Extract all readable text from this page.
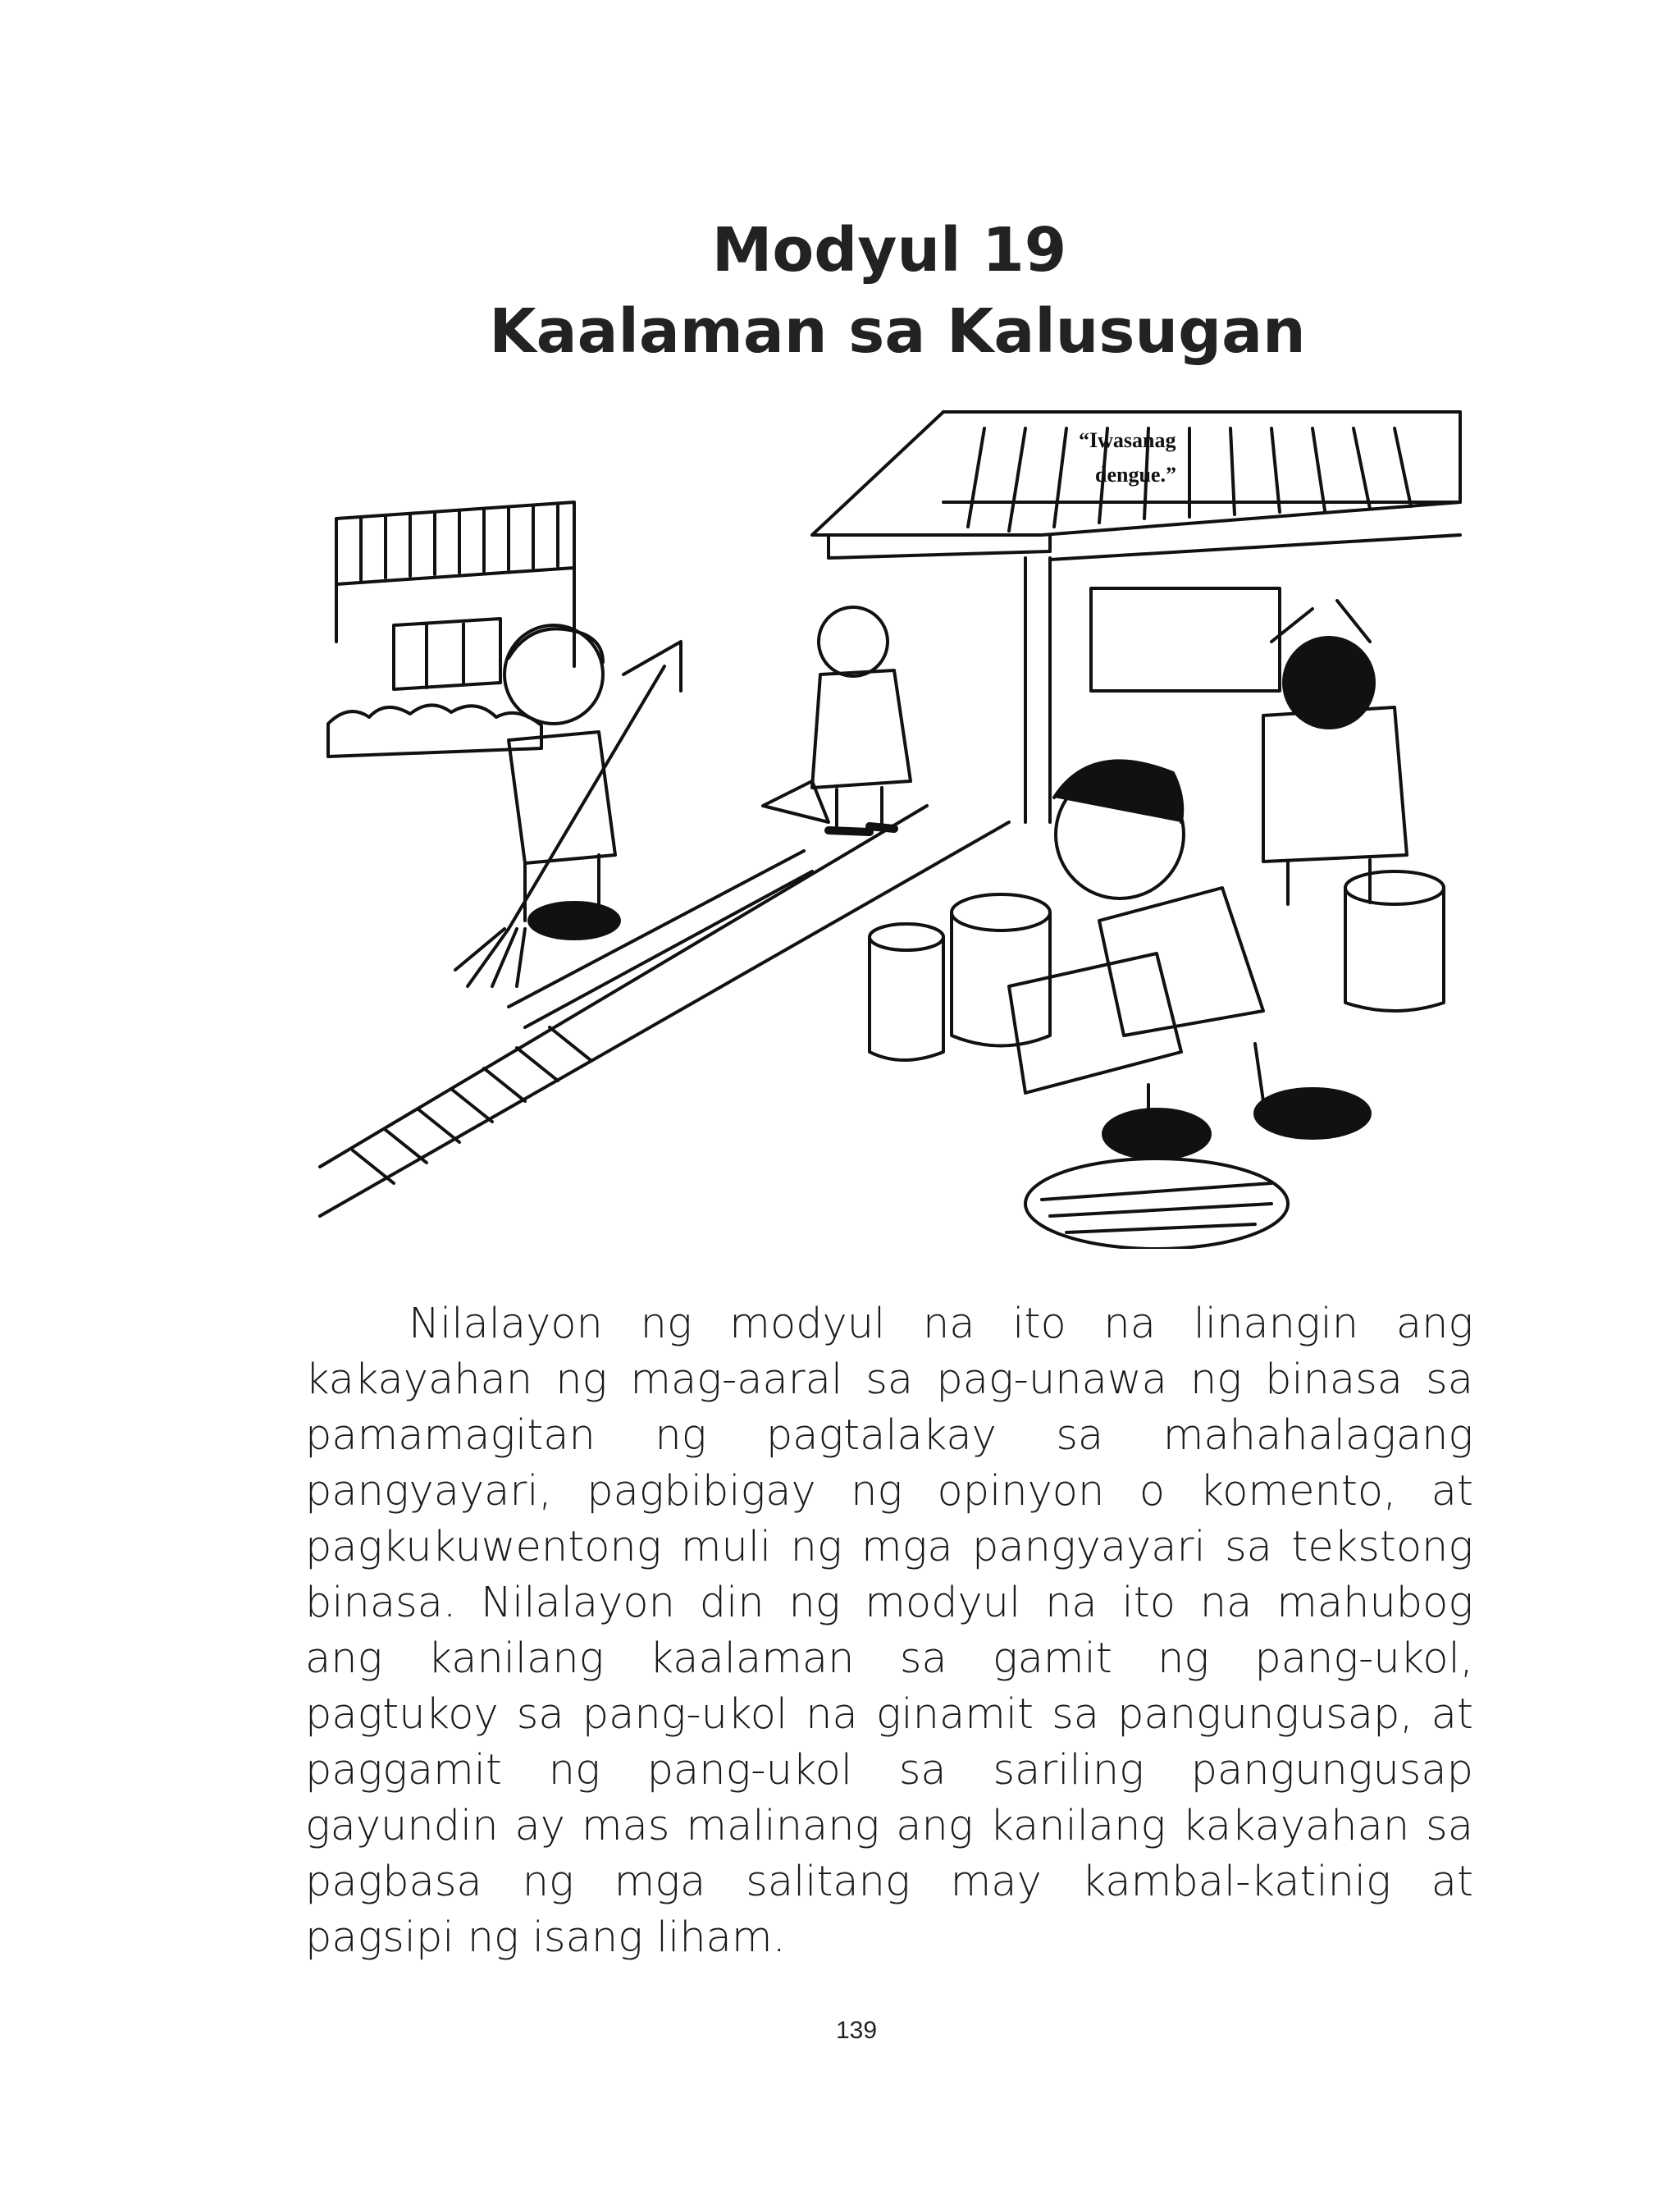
Modyul 19
Kaalaman sa Kalusugan
“Iwasanag
dengue.”

Nilalayon ng modyul na ito na linangin ang kakayahan ng mag-aaral sa pag-unawa ng binasa sa pamamagitan ng pagtalakay sa mahahalagang pangyayari, pagbibigay ng opinyon o komento, at pagkukuwentong muli ng mga pangyayari sa tekstong binasa. Nilalayon din ng modyul na ito na mahubog ang kanilang kaalaman sa gamit ng pang-ukol, pagtukoy sa pang-ukol na ginamit sa pangungusap, at paggamit ng pang-ukol sa sariling pangungusap gayundin ay mas malinang ang kanilang kakayahan sa pagbasa ng mga salitang may kambal-katinig at pagsipi ng isang liham.

139
